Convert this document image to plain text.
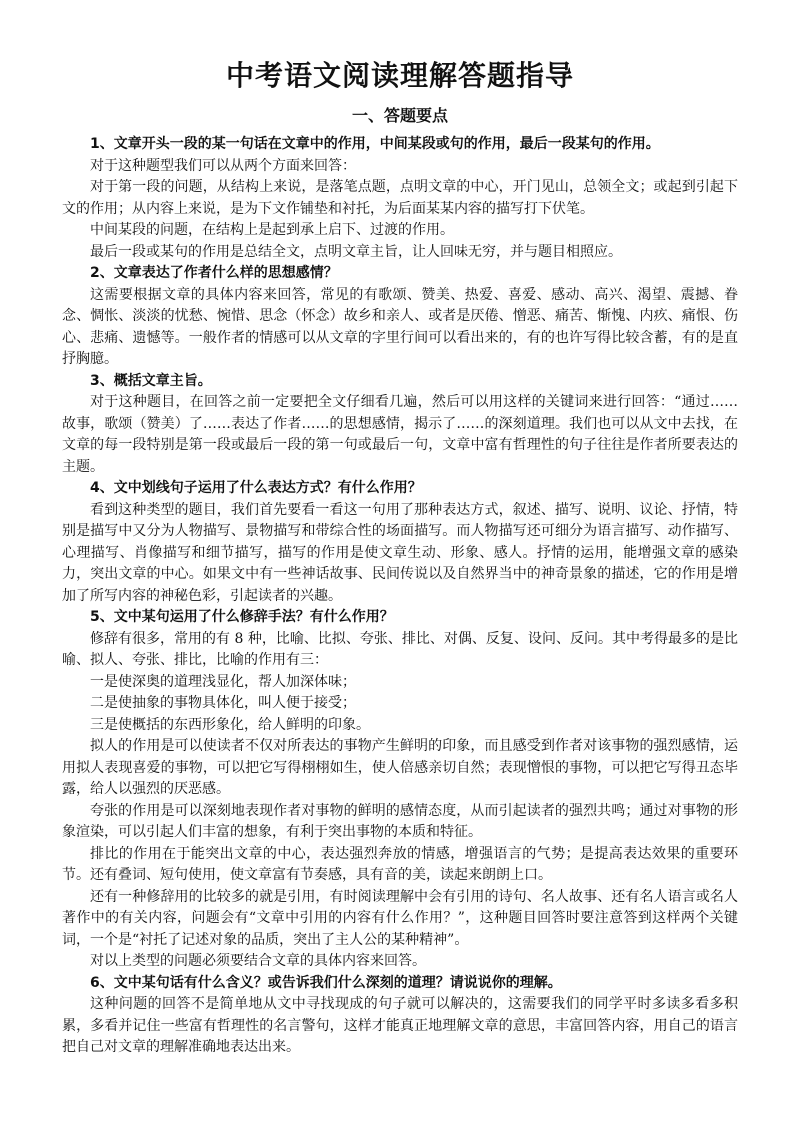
中考语文阅读理解答题指导
一、答题要点

1、文章开头一段的某一句话在文章中的作用，中间某段或句的作用，最后一段某句的作用。

对于这种题型我们可以从两个方面来回答：

对于第一段的问题，从结构上来说，是落笔点题，点明文章的中心，开门见山，总领全文；或起到引起下文的作用；从内容上来说，是为下文作铺垫和衬托，为后面某某内容的描写打下伏笔。

中间某段的问题，在结构上是起到承上启下、过渡的作用。

最后一段或某句的作用是总结全文，点明文章主旨，让人回味无穷，并与题目相照应。

2、文章表达了作者什么样的思想感情？

这需要根据文章的具体内容来回答，常见的有歌颂、赞美、热爱、喜爱、感动、高兴、渴望、震撼、眷念、惆怅、淡淡的忧愁、惋惜、思念（怀念）故乡和亲人、或者是厌倦、憎恶、痛苦、惭愧、内疚、痛恨、伤心、悲痛、遗憾等。一般作者的情感可以从文章的字里行间可以看出来的，有的也许写得比较含蓄，有的是直抒胸臆。

3、概括文章主旨。

对于这种题目，在回答之前一定要把全文仔细看几遍，然后可以用这样的关键词来进行回答：“通过…… 故事，歌颂（赞美）了……表达了作者……的思想感情，揭示了……的深刻道理。我们也可以从文中去找，在文章的每一段特别是第一段或最后一段的第一句或最后一句，文章中富有哲理性的句子往往是作者所要表达的主题。

4、文中划线句子运用了什么表达方式？有什么作用？

看到这种类型的题目，我们首先要看一看这一句用了那种表达方式，叙述、描写、说明、议论、抒情，特别是描写中又分为人物描写、景物描写和带综合性的场面描写。而人物描写还可细分为语言描写、动作描写、心理描写、肖像描写和细节描写，描写的作用是使文章生动、形象、感人。抒情的运用，能增强文章的感染力，突出文章的中心。如果文中有一些神话故事、民间传说以及自然界当中的神奇景象的描述，它的作用是增加了所写内容的神秘色彩，引起读者的兴趣。

5、文中某句运用了什么修辞手法？有什么作用？

修辞有很多，常用的有 8 种，比喻、比拟、夸张、排比、对偶、反复、设问、反问。其中考得最多的是比喻、拟人、夸张、排比，比喻的作用有三：

一是使深奥的道理浅显化，帮人加深体味；

二是使抽象的事物具体化，叫人便于接受；

三是使概括的东西形象化，给人鲜明的印象。

拟人的作用是可以使读者不仅对所表达的事物产生鲜明的印象，而且感受到作者对该事物的强烈感情，运用拟人表现喜爱的事物，可以把它写得栩栩如生，使人倍感亲切自然；表现憎恨的事物，可以把它写得丑态毕露，给人以强烈的厌恶感。

夸张的作用是可以深刻地表现作者对事物的鲜明的感情态度，从而引起读者的强烈共鸣；通过对事物的形象渲染，可以引起人们丰富的想象，有利于突出事物的本质和特征。

排比的作用在于能突出文章的中心，表达强烈奔放的情感，增强语言的气势；是提高表达效果的重要环节。还有叠词、短句使用，使文章富有节奏感，具有音的美，读起来朗朗上口。

还有一种修辞用的比较多的就是引用，有时阅读理解中会有引用的诗句、名人故事、还有名人语言或名人著作中的有关内容，问题会有“文章中引用的内容有什么作用？”，这种题目回答时要注意答到这样两个关键词，一个是“衬托了记述对象的品质，突出了主人公的某种精神”。

对以上类型的问题必须要结合文章的具体内容来回答。

6、文中某句话有什么含义？或告诉我们什么深刻的道理？请说说你的理解。

这种问题的回答不是简单地从文中寻找现成的句子就可以解决的，这需要我们的同学平时多读多看多积累，多看并记住一些富有哲理性的名言警句，这样才能真正地理解文章的意思，丰富回答内容，用自己的语言把自己对文章的理解准确地表达出来。
